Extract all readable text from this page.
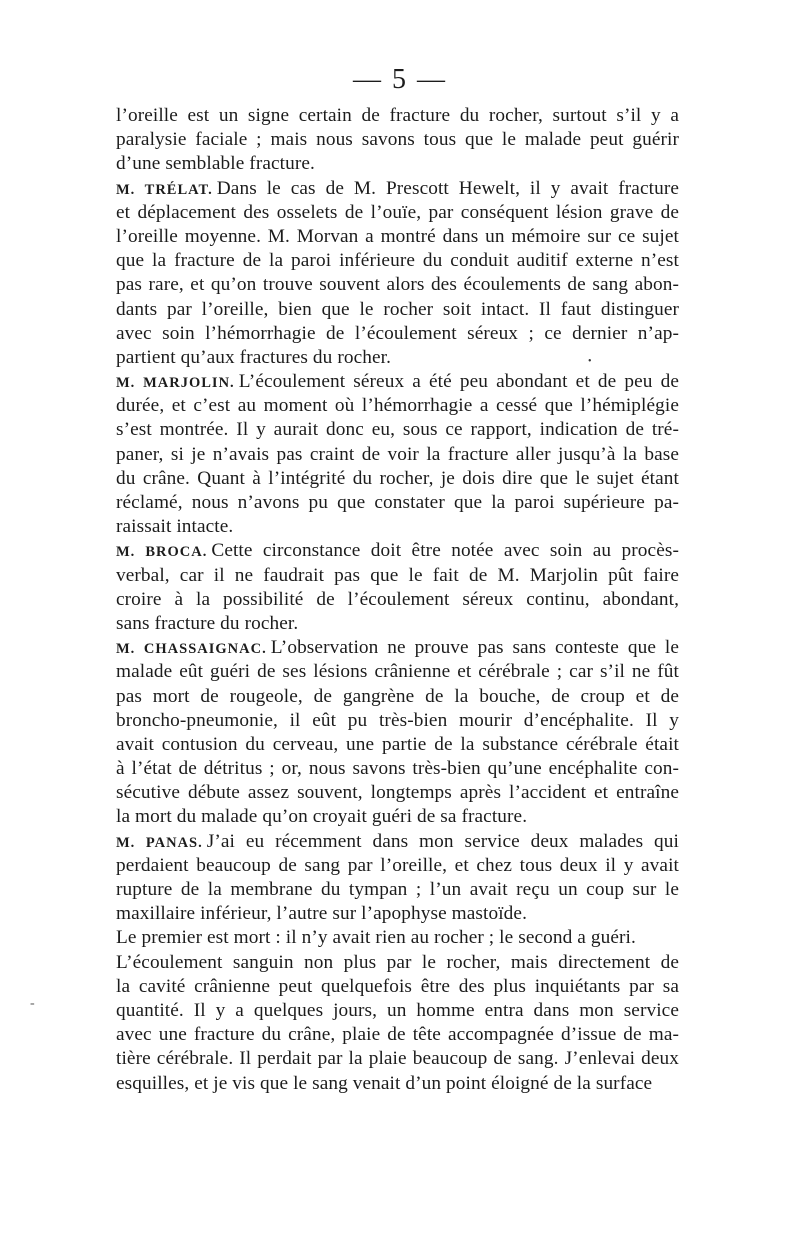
— 5 —
•
-
l’oreille est un signe certain de fracture du rocher, surtout s’il y a
paralysie faciale ; mais nous savons tous que le malade peut guérir
d’une semblable fracture.
M. TRÉLAT. Dans le cas de M. Prescott Hewelt, il y avait fracture
et déplacement des osselets de l’ouïe, par conséquent lésion grave de
l’oreille moyenne. M. Morvan a montré dans un mémoire sur ce sujet
que la fracture de la paroi inférieure du conduit auditif externe n’est
pas rare, et qu’on trouve souvent alors des écoulements de sang abon-
dants par l’oreille, bien que le rocher soit intact. Il faut distinguer
avec soin l’hémorrhagie de l’écoulement séreux ; ce dernier n’ap-
partient qu’aux fractures du rocher.
M. MARJOLIN. L’écoulement séreux a été peu abondant et de peu de
durée, et c’est au moment où l’hémorrhagie a cessé que l’hémiplégie
s’est montrée. Il y aurait donc eu, sous ce rapport, indication de tré-
paner, si je n’avais pas craint de voir la fracture aller jusqu’à la base
du crâne. Quant à l’intégrité du rocher, je dois dire que le sujet étant
réclamé, nous n’avons pu que constater que la paroi supérieure pa-
raissait intacte.
M. BROCA. Cette circonstance doit être notée avec soin au procès-
verbal, car il ne faudrait pas que le fait de M. Marjolin pût faire
croire à la possibilité de l’écoulement séreux continu, abondant,
sans fracture du rocher.
M. CHASSAIGNAC. L’observation ne prouve pas sans conteste que le
malade eût guéri de ses lésions crânienne et cérébrale ; car s’il ne fût
pas mort de rougeole, de gangrène de la bouche, de croup et de
broncho-pneumonie, il eût pu très-bien mourir d’encéphalite. Il y
avait contusion du cerveau, une partie de la substance cérébrale était
à l’état de détritus ; or, nous savons très-bien qu’une encéphalite con-
sécutive débute assez souvent, longtemps après l’accident et entraîne
la mort du malade qu’on croyait guéri de sa fracture.
M. PANAS. J’ai eu récemment dans mon service deux malades qui
perdaient beaucoup de sang par l’oreille, et chez tous deux il y avait
rupture de la membrane du tympan ; l’un avait reçu un coup sur le
maxillaire inférieur, l’autre sur l’apophyse mastoïde.
Le premier est mort : il n’y avait rien au rocher ; le second a guéri.
L’écoulement sanguin non plus par le rocher, mais directement de
la cavité crânienne peut quelquefois être des plus inquiétants par sa
quantité. Il y a quelques jours, un homme entra dans mon service
avec une fracture du crâne, plaie de tête accompagnée d’issue de ma-
tière cérébrale. Il perdait par la plaie beaucoup de sang. J’enlevai deux
esquilles, et je vis que le sang venait d’un point éloigné de la surface
